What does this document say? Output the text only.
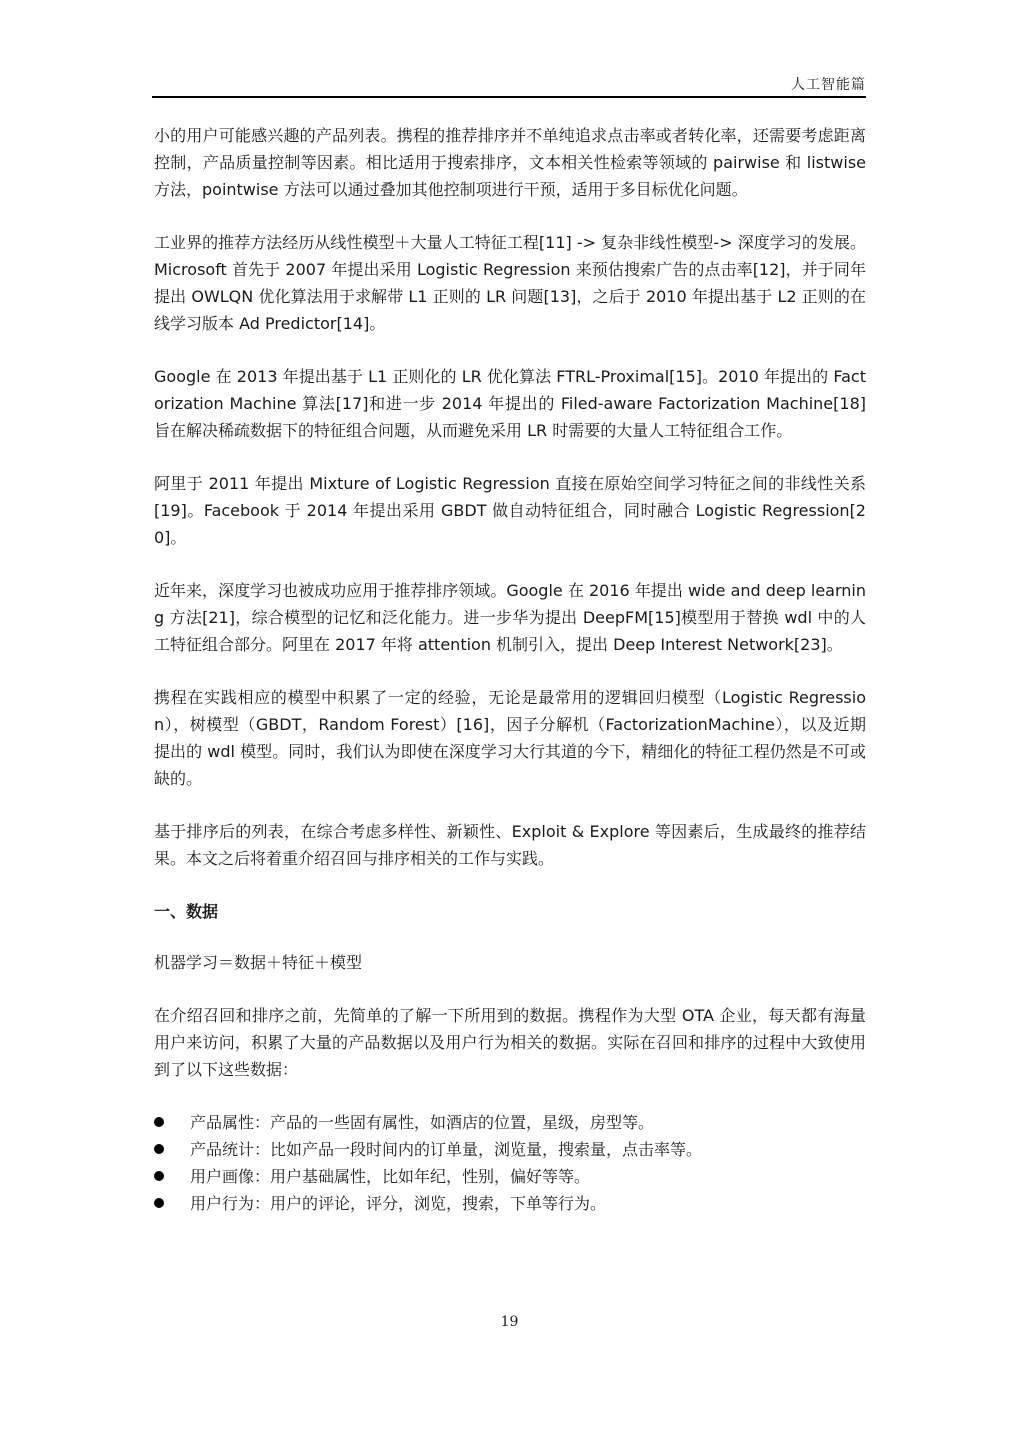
人工智能篇

小的用户可能感兴趣的产品列表。携程的推荐排序并不单纯追求点击率或者转化率，还需要考虑距离控制，产品质量控制等因素。相比适用于搜索排序，文本相关性检索等领域的 pairwise 和 listwise 方法，pointwise 方法可以通过叠加其他控制项进行干预，适用于多目标优化问题。

工业界的推荐方法经历从线性模型＋大量人工特征工程[11] -> 复杂非线性模型-> 深度学习的发展。Microsoft 首先于 2007 年提出采用 Logistic Regression 来预估搜索广告的点击率[12]，并于同年提出 OWLQN 优化算法用于求解带 L1 正则的 LR 问题[13]，之后于 2010 年提出基于 L2 正则的在线学习版本 Ad Predictor[14]。

Google 在 2013 年提出基于 L1 正则化的 LR 优化算法 FTRL-Proximal[15]。2010 年提出的 Factorization Machine 算法[17]和进一步 2014 年提出的 Filed-aware Factorization Machine[18]旨在解决稀疏数据下的特征组合问题，从而避免采用 LR 时需要的大量人工特征组合工作。

阿里于 2011 年提出 Mixture of Logistic Regression 直接在原始空间学习特征之间的非线性关系[19]。Facebook 于 2014 年提出采用 GBDT 做自动特征组合，同时融合 Logistic Regression[20]。

近年来，深度学习也被成功应用于推荐排序领域。Google 在 2016 年提出 wide and deep learning 方法[21]，综合模型的记忆和泛化能力。进一步华为提出 DeepFM[15]模型用于替换 wdl 中的人工特征组合部分。阿里在 2017 年将 attention 机制引入，提出 Deep Interest Network[23]。

携程在实践相应的模型中积累了一定的经验，无论是最常用的逻辑回归模型（Logistic Regression），树模型（GBDT，Random Forest）[16]，因子分解机（FactorizationMachine），以及近期提出的 wdl 模型。同时，我们认为即使在深度学习大行其道的今下，精细化的特征工程仍然是不可或缺的。

基于排序后的列表，在综合考虑多样性、新颖性、Exploit & Explore 等因素后，生成最终的推荐结果。本文之后将着重介绍召回与排序相关的工作与实践。

一、数据

机器学习＝数据＋特征＋模型

在介绍召回和排序之前，先简单的了解一下所用到的数据。携程作为大型 OTA 企业，每天都有海量用户来访问，积累了大量的产品数据以及用户行为相关的数据。实际在召回和排序的过程中大致使用到了以下这些数据：

产品属性：产品的一些固有属性，如酒店的位置，星级，房型等。
产品统计：比如产品一段时间内的订单量，浏览量，搜索量，点击率等。
用户画像：用户基础属性，比如年纪，性别，偏好等等。
用户行为：用户的评论，评分，浏览，搜索，下单等行为。
19
